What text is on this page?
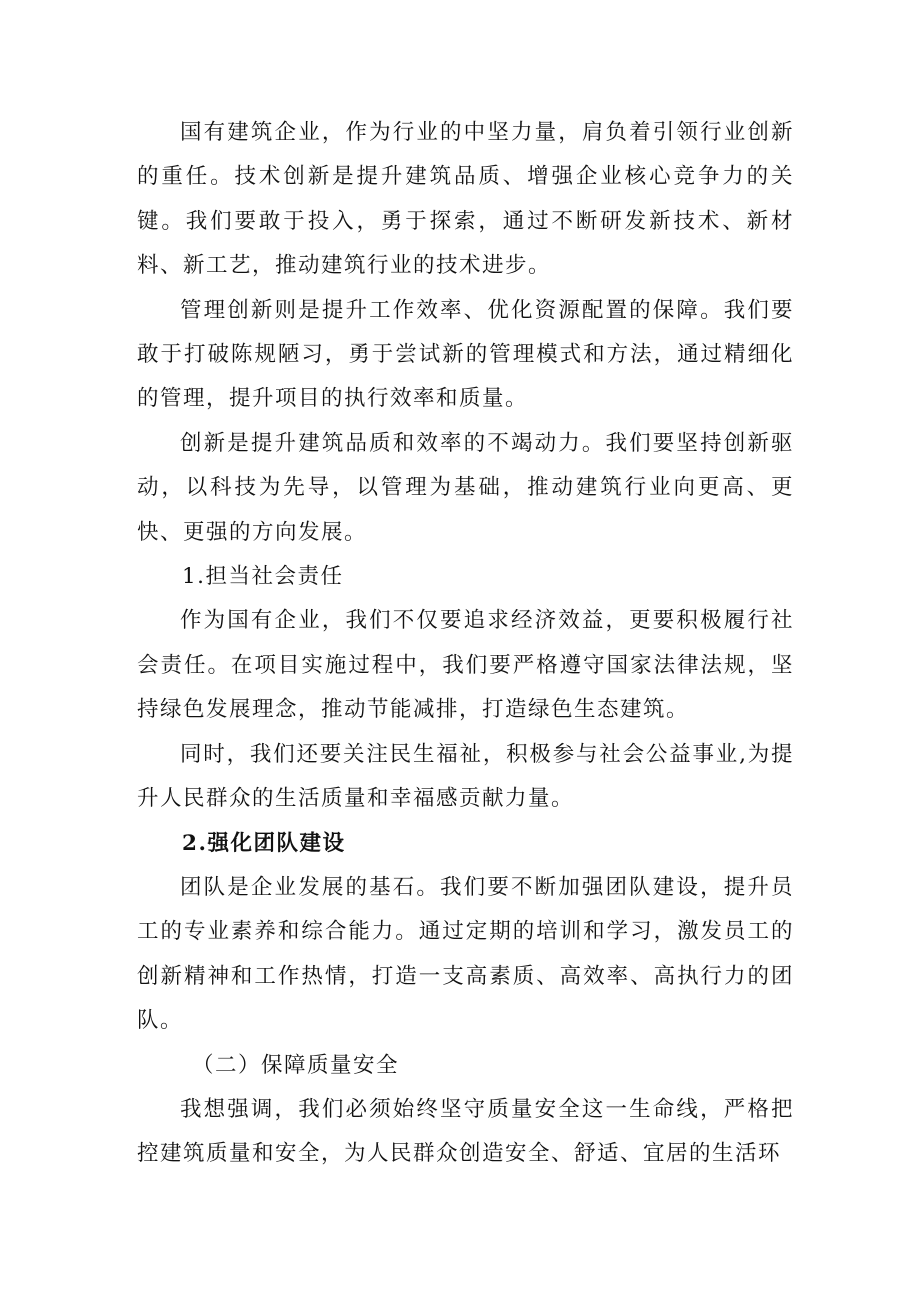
国有建筑企业，作为行业的中坚力量，肩负着引领行业创新的重任。技术创新是提升建筑品质、增强企业核心竞争力的关键。我们要敢于投入，勇于探索，通过不断研发新技术、新材料、新工艺，推动建筑行业的技术进步。

管理创新则是提升工作效率、优化资源配置的保障。我们要敢于打破陈规陋习，勇于尝试新的管理模式和方法，通过精细化的管理，提升项目的执行效率和质量。

创新是提升建筑品质和效率的不竭动力。我们要坚持创新驱动，以科技为先导，以管理为基础，推动建筑行业向更高、更快、更强的方向发展。

1.担当社会责任

作为国有企业，我们不仅要追求经济效益，更要积极履行社会责任。在项目实施过程中，我们要严格遵守国家法律法规，坚持绿色发展理念，推动节能减排，打造绿色生态建筑。

同时，我们还要关注民生福祉，积极参与社会公益事业,为提升人民群众的生活质量和幸福感贡献力量。

2.强化团队建设

团队是企业发展的基石。我们要不断加强团队建设，提升员工的专业素养和综合能力。通过定期的培训和学习，激发员工的创新精神和工作热情，打造一支高素质、高效率、高执行力的团队。

（二）保障质量安全

我想强调，我们必须始终坚守质量安全这一生命线，严格把控建筑质量和安全，为人民群众创造安全、舒适、宜居的生活环
